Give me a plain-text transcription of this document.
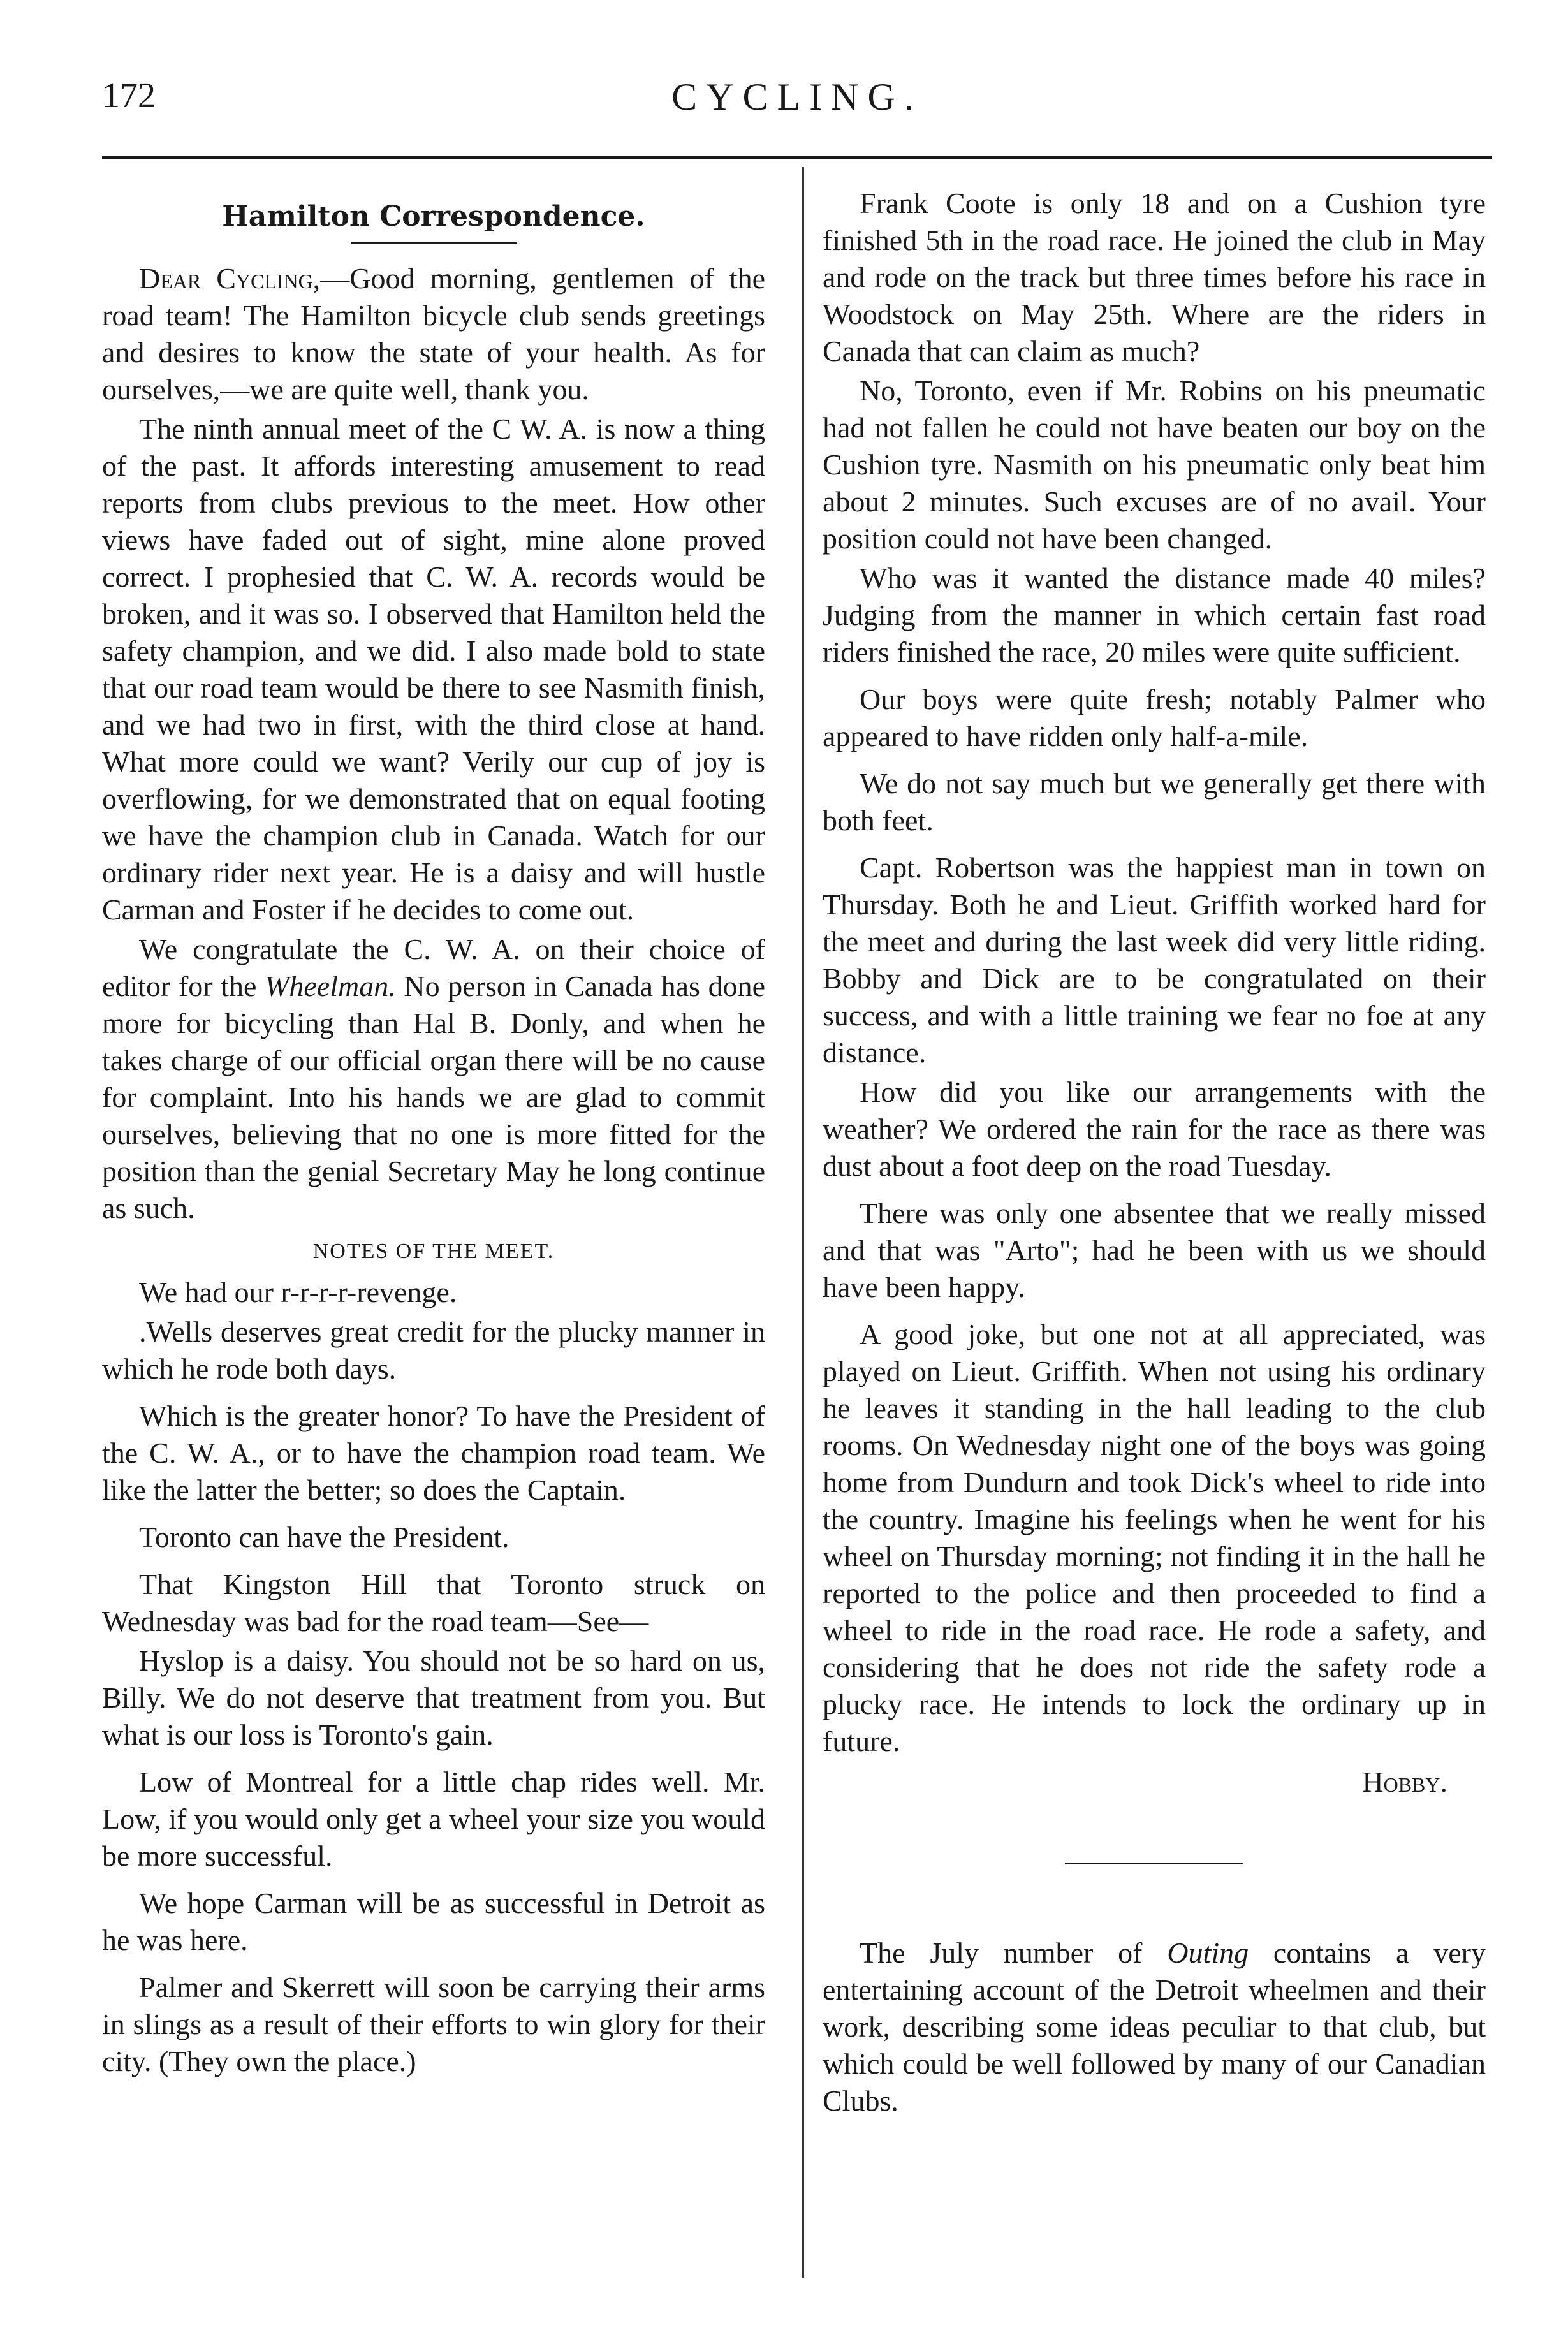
172	CYCLING.
Hamilton Correspondence.

Dear Cycling,—Good morning, gentlemen of the road team! The Hamilton bicycle club sends greetings and desires to know the state of your health. As for ourselves,—we are quite well, thank you.

The ninth annual meet of the C W. A. is now a thing of the past. It affords interesting amusement to read reports from clubs previous to the meet. How other views have faded out of sight, mine alone proved correct. I prophesied that C. W. A. records would be broken, and it was so. I observed that Hamilton held the safety champion, and we did. I also made bold to state that our road team would be there to see Nasmith finish, and we had two in first, with the third close at hand. What more could we want? Verily our cup of joy is overflowing, for we demonstrated that on equal footing we have the champion club in Canada. Watch for our ordinary rider next year. He is a daisy and will hustle Carman and Foster if he decides to come out.

We congratulate the C. W. A. on their choice of editor for the Wheelman. No person in Canada has done more for bicycling than Hal B. Donly, and when he takes charge of our official organ there will be no cause for complaint. Into his hands we are glad to commit ourselves, believing that no one is more fitted for the position than the genial Secretary May he long continue as such.

NOTES OF THE MEET.

We had our r-r-r-r-revenge.

.Wells deserves great credit for the plucky manner in which he rode both days.

Which is the greater honor? To have the President of the C. W. A., or to have the champion road team. We like the latter the better; so does the Captain.

Toronto can have the President.

That Kingston Hill that Toronto struck on Wednesday was bad for the road team—See—

Hyslop is a daisy. You should not be so hard on us, Billy. We do not deserve that treatment from you. But what is our loss is Toronto's gain.

Low of Montreal for a little chap rides well. Mr. Low, if you would only get a wheel your size you would be more successful.

We hope Carman will be as successful in Detroit as he was here.

Palmer and Skerrett will soon be carrying their arms in slings as a result of their efforts to win glory for their city. (They own the place.)

Frank Coote is only 18 and on a Cushion tyre finished 5th in the road race. He joined the club in May and rode on the track but three times before his race in Woodstock on May 25th. Where are the riders in Canada that can claim as much?

No, Toronto, even if Mr. Robins on his pneumatic had not fallen he could not have beaten our boy on the Cushion tyre. Nasmith on his pneumatic only beat him about 2 minutes. Such excuses are of no avail. Your position could not have been changed.

Who was it wanted the distance made 40 miles? Judging from the manner in which certain fast road riders finished the race, 20 miles were quite sufficient.

Our boys were quite fresh; notably Palmer who appeared to have ridden only half-a-mile.

We do not say much but we generally get there with both feet.

Capt. Robertson was the happiest man in town on Thursday. Both he and Lieut. Griffith worked hard for the meet and during the last week did very little riding. Bobby and Dick are to be congratulated on their success, and with a little training we fear no foe at any distance.

How did you like our arrangements with the weather? We ordered the rain for the race as there was dust about a foot deep on the road Tuesday.

There was only one absentee that we really missed and that was "Arto"; had he been with us we should have been happy.

A good joke, but one not at all appreciated, was played on Lieut. Griffith. When not using his ordinary he leaves it standing in the hall leading to the club rooms. On Wednesday night one of the boys was going home from Dundurn and took Dick's wheel to ride into the country. Imagine his feelings when he went for his wheel on Thursday morning; not finding it in the hall he reported to the police and then proceeded to find a wheel to ride in the road race. He rode a safety, and considering that he does not ride the safety rode a plucky race. He intends to lock the ordinary up in future.

Hobby.

The July number of Outing contains a very entertaining account of the Detroit wheelmen and their work, describing some ideas peculiar to that club, but which could be well followed by many of our Canadian Clubs.
